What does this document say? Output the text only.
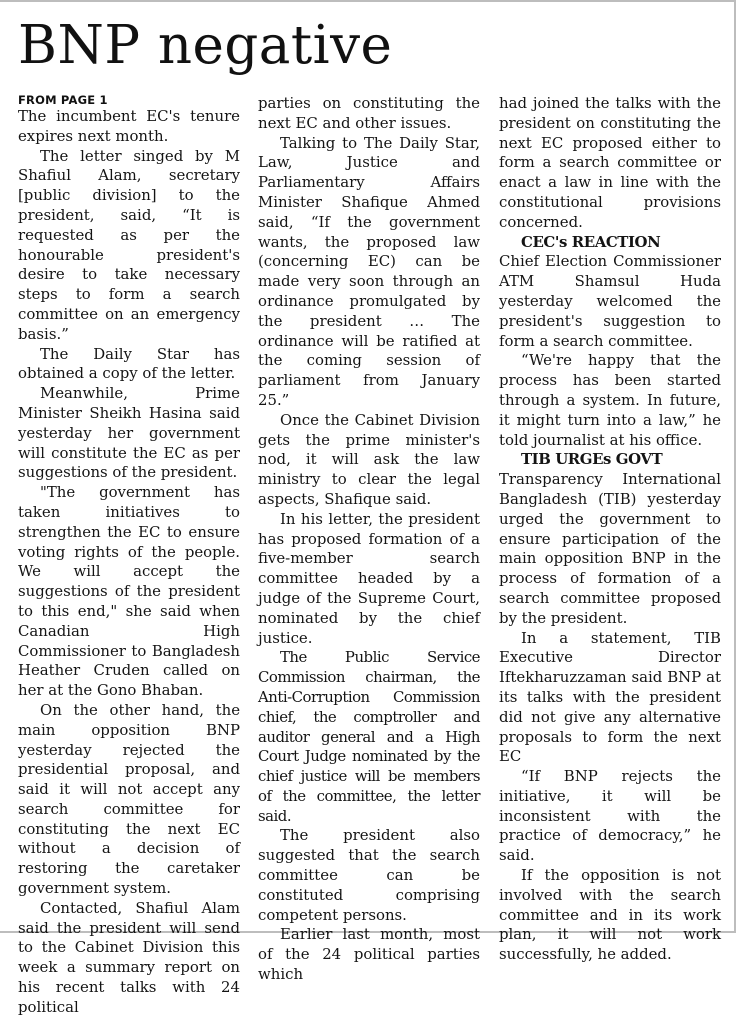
BNP negative
FROM PAGE 1

The incumbent EC's tenure expires next month.

The letter singed by M Shafiul Alam, secretary [public division] to the president, said, “It is requested as per the honourable president's desire to take necessary steps to form a search committee on an emergency basis.”

The Daily Star has obtained a copy of the letter.

Meanwhile, Prime Minister Sheikh Hasina said yesterday her government will constitute the EC as per suggestions of the president.

"The government has taken initiatives to strengthen the EC to ensure voting rights of the people. We will accept the suggestions of the president to this end," she said when Canadian High Commissioner to Bangladesh Heather Cruden called on her at the Gono Bhaban.

On the other hand, the main opposition BNP yesterday rejected the presidential proposal, and said it will not accept any search committee for constituting the next EC without a decision of restoring the caretaker government system.

Contacted, Shafiul Alam said the president will send to the Cabinet Division this week a summary report on his recent talks with 24 political

parties on constituting the next EC and other issues.

Talking to The Daily Star, Law, Justice and Parliamentary Affairs Minister Shafique Ahmed said, “If the government wants, the proposed law (concerning EC) can be made very soon through an ordinance promulgated by the president … The ordinance will be ratified at the coming session of parliament from January 25.”

Once the Cabinet Division gets the prime minister's nod, it will ask the law ministry to clear the legal aspects, Shafique said.

In his letter, the president has proposed formation of a five-member search committee headed by a judge of the Supreme Court, nominated by the chief justice.

The Public Service Commission chairman, the Anti-Corruption Commission chief, the comptroller and auditor general and a High Court Judge nominated by the chief justice will be members of the committee, the letter said.

The president also suggested that the search committee can be constituted comprising competent persons.

Earlier last month, most of the 24 political parties which

had joined the talks with the president on constituting the next EC proposed either to form a search committee or enact a law in line with the constitutional provisions concerned.

CEC's REACTION

Chief Election Commissioner ATM Shamsul Huda yesterday welcomed the president's suggestion to form a search committee.

“We're happy that the process has been started through a system. In future, it might turn into a law,” he told journalist at his office.

TIB URGEs GOVT

Transparency International Bangladesh (TIB) yesterday urged the government to ensure participation of the main opposition BNP in the process of formation of a search committee proposed by the president.

In a statement, TIB Executive Director Iftekharuzzaman said BNP at its talks with the president did not give any alternative proposals to form the next EC

“If BNP rejects the initiative, it will be inconsistent with the practice of democracy,” he said.

If the opposition is not involved with the search committee and in its work plan, it will not work successfully, he added.
